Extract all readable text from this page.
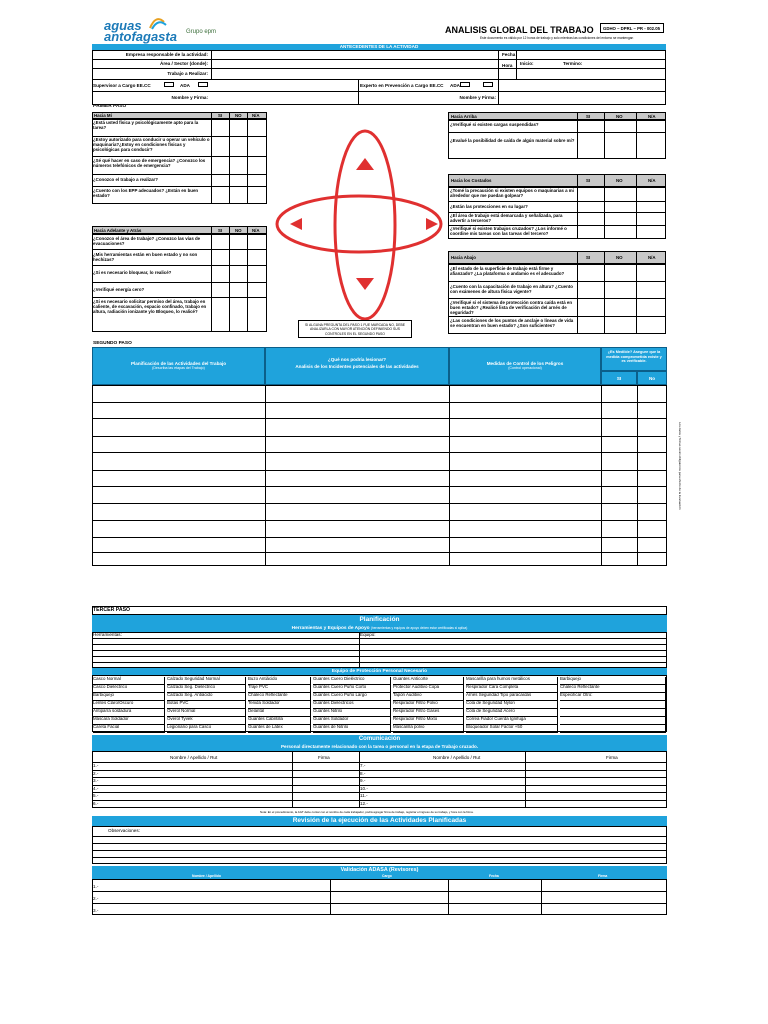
aguas
antofagasta Grupo epm	ANALISIS GLOBAL DEL TRABAJO	GDHO – DPRL – PR - 002.05
Este documento es válido por 12 horas de trabajo y solo mientras las condiciones del entorno se mantengan
ANTECEDENTES DE LA ACTIVIDAD
Empresa responsable de la actividad:
Área / Sector (donde):
Trabajo a Realizar:
Fecha
Hora Inicio:	Termino:
Supervisor a Cargo EE.CC	ADA	Experto en Prevención a Cargo EE.CC ADA
Nombre y Firma:	Nombre y Firma:
PRIMER PASO
Hacia Mí	SI	NO N/A
¿Está usted física y psicológicamente apto para la tarea?
¿Estoy autorizado para conducir u operar un vehículo o maquinaria?¿Estoy en condiciones físicas y psicológicas para conducir?
¿Sé qué hacer en caso de emergencia? ¿Conozco los números telefónicos de emergencia?
¿Conozco el trabajo a realizar?
¿Cuento con los EPP adecuados? ¿Están en buen estado?
Hacia Adelante y Atrás	SI	NO N/A
¿Conozco el área de trabajo? ¿Conozco las vías de evacuaciones?
¿Mis herramientas están en buen estado y no son hechizas?
¿Si es necesario bloquear, lo realicé?
¿Verifiqué energía cero?
¿Si es necesario solicitar permiso del área, trabajo en caliente, de excavación, espacio confinado, trabajo en altura, radiación ionizante y/o Bloqueo, lo realicé?
Hacia Arriba	SI	NO	N/A
¿Verifiqué si existen cargas suspendidas?
¿Evalué la posibilidad de caída de algún material sobre mí?
Hacia los Costados	SI	NO	N/A
¿Tomé la precaución si existen equipos o maquinarias a mi alrededor que me puedan golpear?
¿Están las protecciones en su lugar?
¿El área de trabajo está demarcada y señalizada, para advertir a terceros?
¿Verifiqué si existen trabajos cruzados? ¿Los informé o coordine mis tareas con las tareas del tercero?
Hacia Abajo	SI	NO	N/A
¿El estado de la superficie de trabajo está firme y afianzado? ¿La plataforma o andamio es el adecuado?
¿Cuento con la capacitación de trabajo en altura? ¿Cuento con exámenes de altura física vigente?
¿Verifiqué si el sistema de protección contra caída está en buen estado? ¿Realicé lista de verificación del arnés de seguridad?
¿Las condiciones de los puntos de anclaje o líneas de vida se encuentran en buen estado? ¿Son suficientes?
SI ALGUNA PREGUNTA DEL PASO 1 FUE MARCADA NO, DEBE ANALIZARLA CON MAYOR ATENCIÓN DEFINIENDO SUS CONTROLES EN EL SEGUNDO PASO
SEGUNDO PASO
Planificación de las Actividades del Trabajo
(Describa las etapas del Trabajo)
¿Qué nos podría lesionar?
Analisis de los Incidentes potenciales de las actividades
Medidas de Control de los Peligros
(Control operacional)
¿Es Medible? Asegure que la medida comprometida existe y es verificable.
SI	No
Los datos y firmas serán obligatorios para efecto de la Evaluación
TERCER PASO
Planificación
Herramientas y Equipos de Apoyo (herramientas y equipos de apoyo deben estar certificadas si aplica)
Herramientas:	Equipo:
Equipo de Protección Personal Necesario
Casco Normal	Calzado Seguridad Normal	Buzo Antiácido	Guantes Cuero Dieléctrico	Guantes Anticorte	Mascarilla para humos metálicos	Barbiquejo
Casco Dieléctrico	Calzado Seg. Dieléctrico	Traje PVC	Guantes Cuero Puño Corto	Protector Auditivo Copa	Respirador Cara Completa	Chaleco Reflectante
Barbiquejo	Calzado Seg. Antiácido	Chaleco Reflectante	Guantes Cuero Puño Largo	Tapón Auditivo	Arnés Seguridad Tipo paracaídas	Especificar Otro:
Lentes Claro/Oscuro	Botas PVC	Tenida Soldador	Guantes Dieléctricos	Respirador Filtro Polvo	Cola de Seguridad Nylon
Antiparra soldadura	Overol Normal	Delantal	Guantes Nitrilo	Respirador Filtro Gases	Cola de Seguridad Acero
Máscara Soldador	Overol Tyvek	Guantes Cabritilla	Guantes Soldador	Respirador Filtro Mixto	Correa Fiador Cuerda Ignífuga
Careta Facial	Legionario para Casco	Guantes de Látex	Guantes de Nitrilo	Mascarilla polvo	Bloqueador Solar Factor +50
Comunicación
Personal directamente relacionado con la tarea o personal en la etapa de Trabajo cruzado.
Nombre / Apellido / Rut	Firma	Nombre / Apellido / Rut	Firma
1.-	7.-
2.-	8.-
3.-	9.-
4.-	10.-
5.-	11.-
6.-	12.-
Nota: En el procedimiento, la AGT debe contar con el nombre de cada trabajador, podrá agregar firma de trabajo, registrar el ingreso de su trabajo, y hora con la firma.
Revisión de la ejecución de las Actividades Planificadas
Observaciones:
Validación ADASA (Revisores)
Nombre / Apellido	Cargo	Fecha	Firma
1.-
2.-
3.-
